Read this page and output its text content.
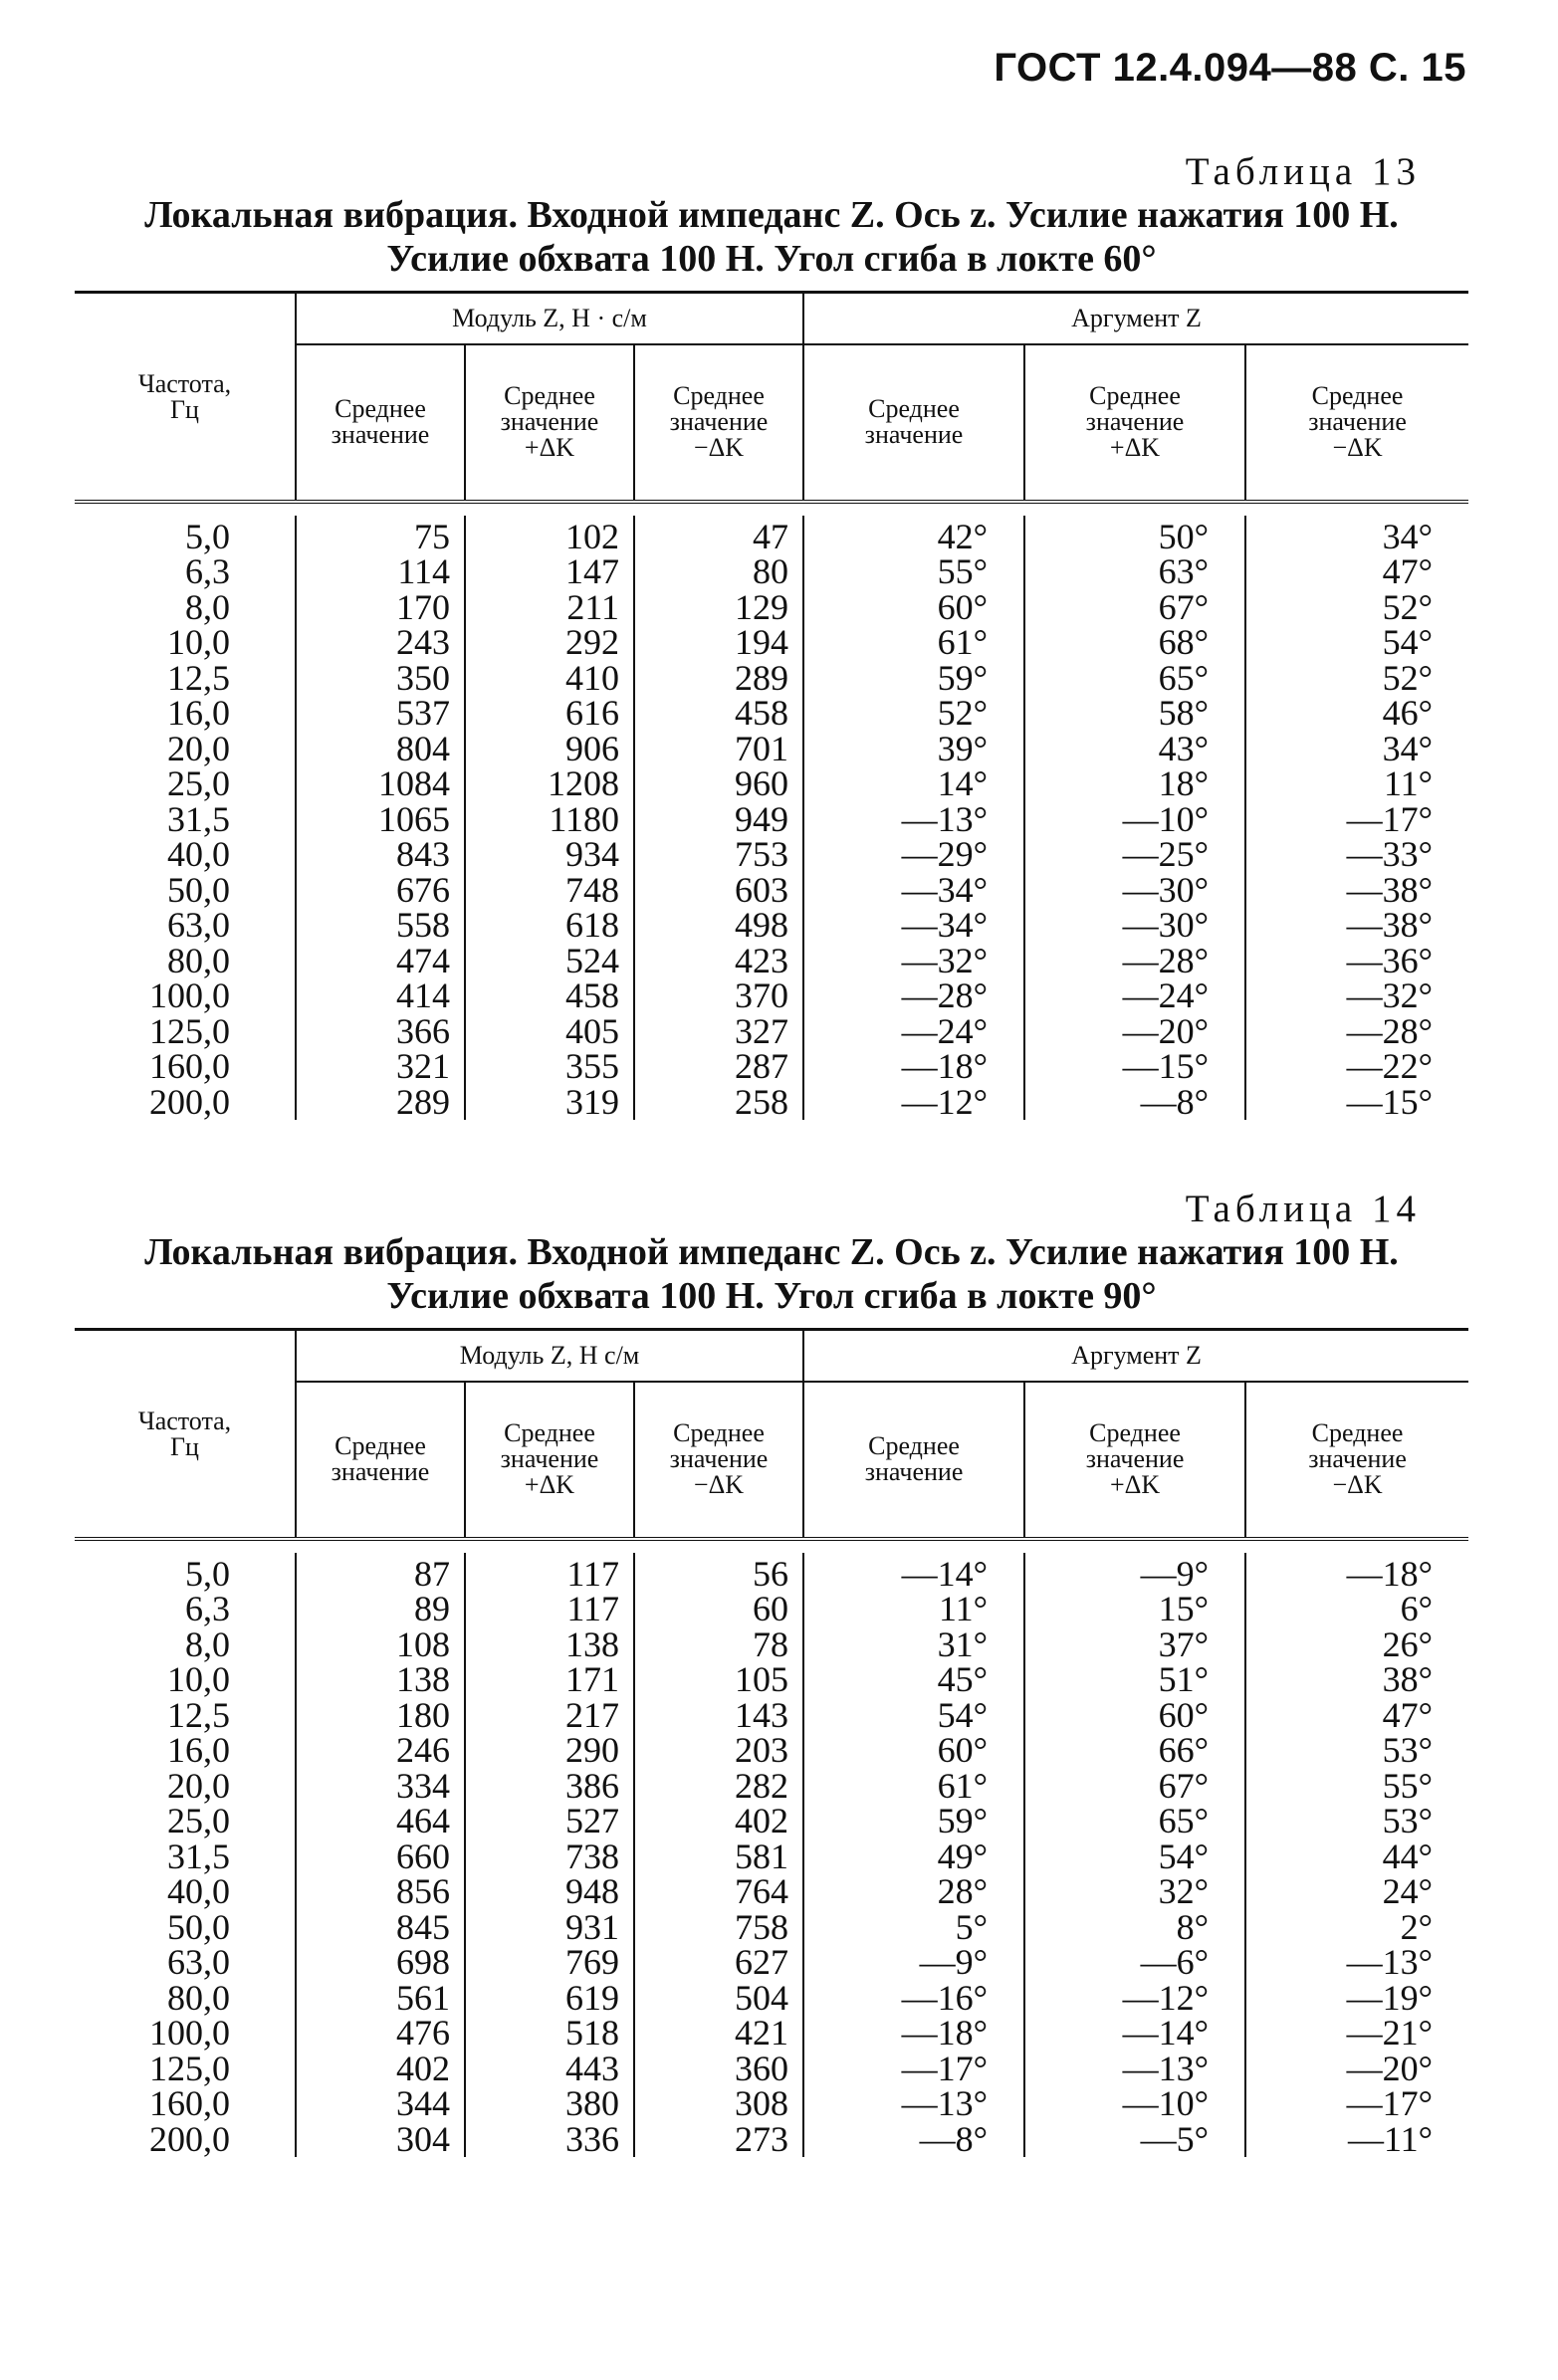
ГОСТ 12.4.094—88 С. 15
Таблица 13
Локальная вибрация. Входной импеданс Z. Ось z. Усилие нажатия 100 Н.
Усилие обхвата 100 Н. Угол сгиба в локте 60°
Частота,
Гц	Модуль Z, Н · с/м			Аргумент Z		
	Среднее
значение	Среднее
значение
+ΔK	Среднее
значение
−ΔK	Среднее
значение	Среднее
значение
+ΔK	Среднее
значение
−ΔK

5,0	75	102	47	42°	50°	34°
6,3	114	147	80	55°	63°	47°
8,0	170	211	129	60°	67°	52°
10,0	243	292	194	61°	68°	54°
12,5	350	410	289	59°	65°	52°
16,0	537	616	458	52°	58°	46°
20,0	804	906	701	39°	43°	34°
25,0	1084	1208	960	14°	18°	11°
31,5	1065	1180	949	—13°	—10°	—17°
40,0	843	934	753	—29°	—25°	—33°
50,0	676	748	603	—34°	—30°	—38°
63,0	558	618	498	—34°	—30°	—38°
80,0	474	524	423	—32°	—28°	—36°
100,0	414	458	370	—28°	—24°	—32°
125,0	366	405	327	—24°	—20°	—28°
160,0	321	355	287	—18°	—15°	—22°
200,0	289	319	258	—12°	—8°	—15°
Таблица 14
Локальная вибрация. Входной импеданс Z. Ось z. Усилие нажатия 100 Н.
Усилие обхвата 100 Н. Угол сгиба в локте 90°
Частота,
Гц	Модуль Z, Н с/м			Аргумент Z		
	Среднее
значение	Среднее
значение
+ΔK	Среднее
значение
−ΔK	Среднее
значение	Среднее
значение
+ΔK	Среднее
значение
−ΔK

5,0	87	117	56	—14°	—9°	—18°
6,3	89	117	60	11°	15°	6°
8,0	108	138	78	31°	37°	26°
10,0	138	171	105	45°	51°	38°
12,5	180	217	143	54°	60°	47°
16,0	246	290	203	60°	66°	53°
20,0	334	386	282	61°	67°	55°
25,0	464	527	402	59°	65°	53°
31,5	660	738	581	49°	54°	44°
40,0	856	948	764	28°	32°	24°
50,0	845	931	758	5°	8°	2°
63,0	698	769	627	—9°	—6°	—13°
80,0	561	619	504	—16°	—12°	—19°
100,0	476	518	421	—18°	—14°	—21°
125,0	402	443	360	—17°	—13°	—20°
160,0	344	380	308	—13°	—10°	—17°
200,0	304	336	273	—8°	—5°	—11°
